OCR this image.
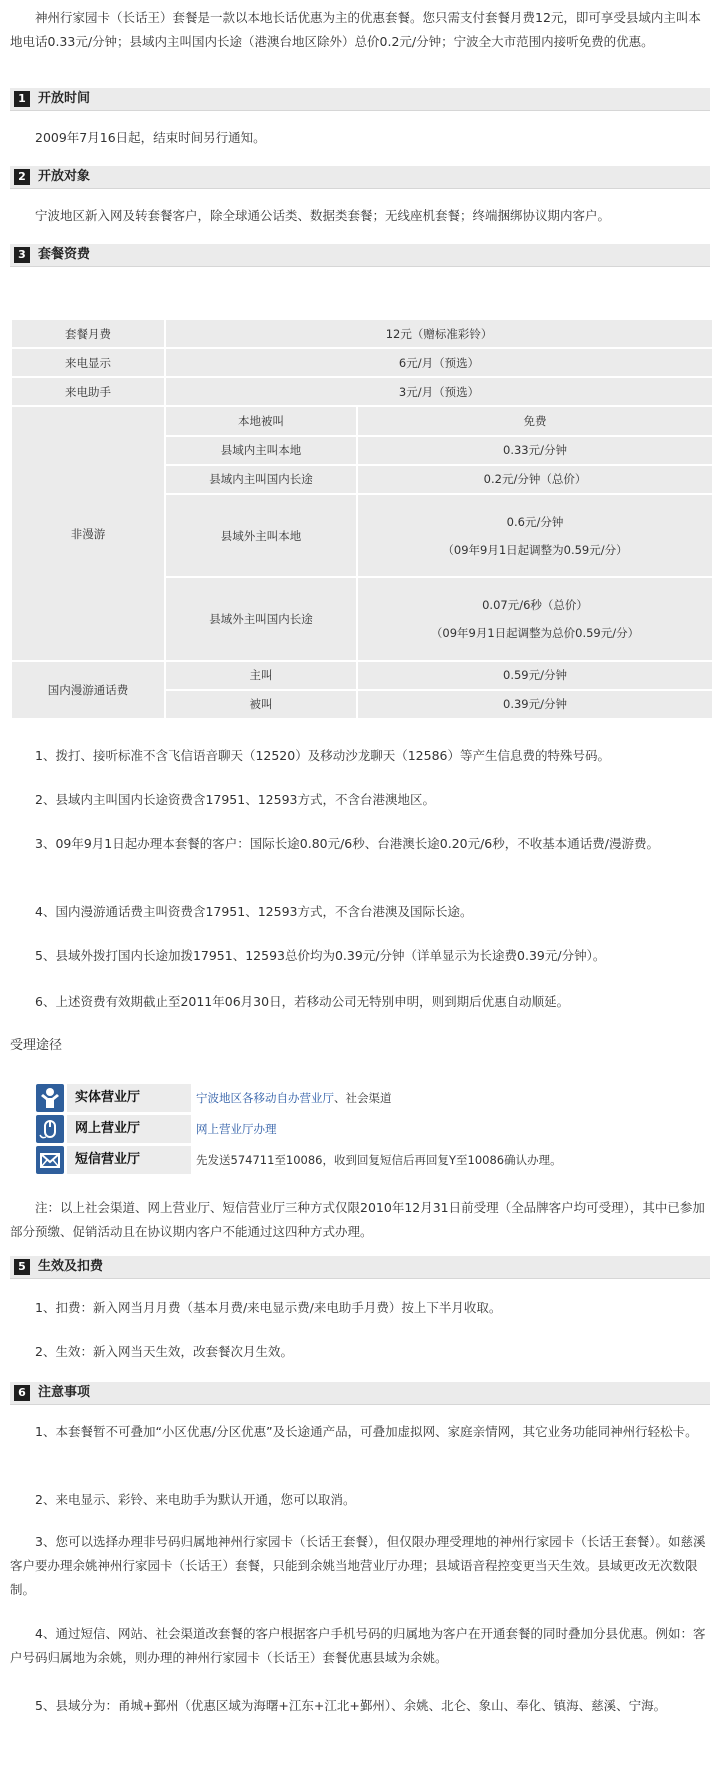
神州行家园卡（长话王）套餐是一款以本地长话优惠为主的优惠套餐。您只需支付套餐月费12元，即可享受县域内主叫本地电话0.33元/分钟；县域内主叫国内长途（港澳台地区除外）总价0.2元/分钟；宁波全大市范围内接听免费的优惠。

1 开放时间

2009年7月16日起，结束时间另行通知。

2 开放对象

宁波地区新入网及转套餐客户，除全球通公话类、数据类套餐；无线座机套餐；终端捆绑协议期内客户。

3 套餐资费
套餐月费	12元（赠标准彩铃）	
来电显示	6元/月（预选）	
来电助手	3元/月（预选）	
非漫游	本地被叫	免费
	县域内主叫本地	0.33元/分钟
	县域内主叫国内长途	0.2元/分钟（总价）
	县域外主叫本地	0.6元/分钟
（09年9月1日起调整为0.59元/分）

	县域外主叫国内长途	0.07元/6秒（总价）
（09年9月1日起调整为总价0.59元/分）

国内漫游通话费	主叫	0.59元/分钟
	被叫	0.39元/分钟

1、拨打、接听标准不含飞信语音聊天（12520）及移动沙龙聊天（12586）等产生信息费的特殊号码。

2、县域内主叫国内长途资费含17951、12593方式，不含台港澳地区。

3、09年9月1日起办理本套餐的客户：国际长途0.80元/6秒、台港澳长途0.20元/6秒，不收基本通话费/漫游费。

4、国内漫游通话费主叫资费含17951、12593方式，不含台港澳及国际长途。

5、县域外拨打国内长途加拨17951、12593总价均为0.39元/分钟（详单显示为长途费0.39元/分钟）。

6、上述资费有效期截止至2011年06月30日，若移动公司无特别申明，则到期后优惠自动顺延。

受理途径

实体营业厅	宁波地区各移动自办营业厅、社会渠道
网上营业厅	网上营业厅办理
短信营业厅	先发送574711至10086，收到回复短信后再回复Y至10086确认办理。

注：以上社会渠道、网上营业厅、短信营业厅三种方式仅限2010年12月31日前受理（全品牌客户均可受理），其中已参加部分预缴、促销活动且在协议期内客户不能通过这四种方式办理。

5 生效及扣费

1、扣费：新入网当月月费（基本月费/来电显示费/来电助手月费）按上下半月收取。

2、生效：新入网当天生效，改套餐次月生效。

6 注意事项

1、本套餐暂不可叠加“小区优惠/分区优惠”及长途通产品，可叠加虚拟网、家庭亲情网，其它业务功能同神州行轻松卡。

2、来电显示、彩铃、来电助手为默认开通，您可以取消。

3、您可以选择办理非号码归属地神州行家园卡（长话王套餐），但仅限办理受理地的神州行家园卡（长话王套餐）。如慈溪客户要办理余姚神州行家园卡（长话王）套餐，只能到余姚当地营业厅办理；县域语音程控变更当天生效。县域更改无次数限制。

4、通过短信、网站、社会渠道改套餐的客户根据客户手机号码的归属地为客户在开通套餐的同时叠加分县优惠。例如：客户号码归属地为余姚，则办理的神州行家园卡（长话王）套餐优惠县域为余姚。

5、县域分为：甬城+鄞州（优惠区域为海曙+江东+江北+鄞州）、余姚、北仑、象山、奉化、镇海、慈溪、宁海。
